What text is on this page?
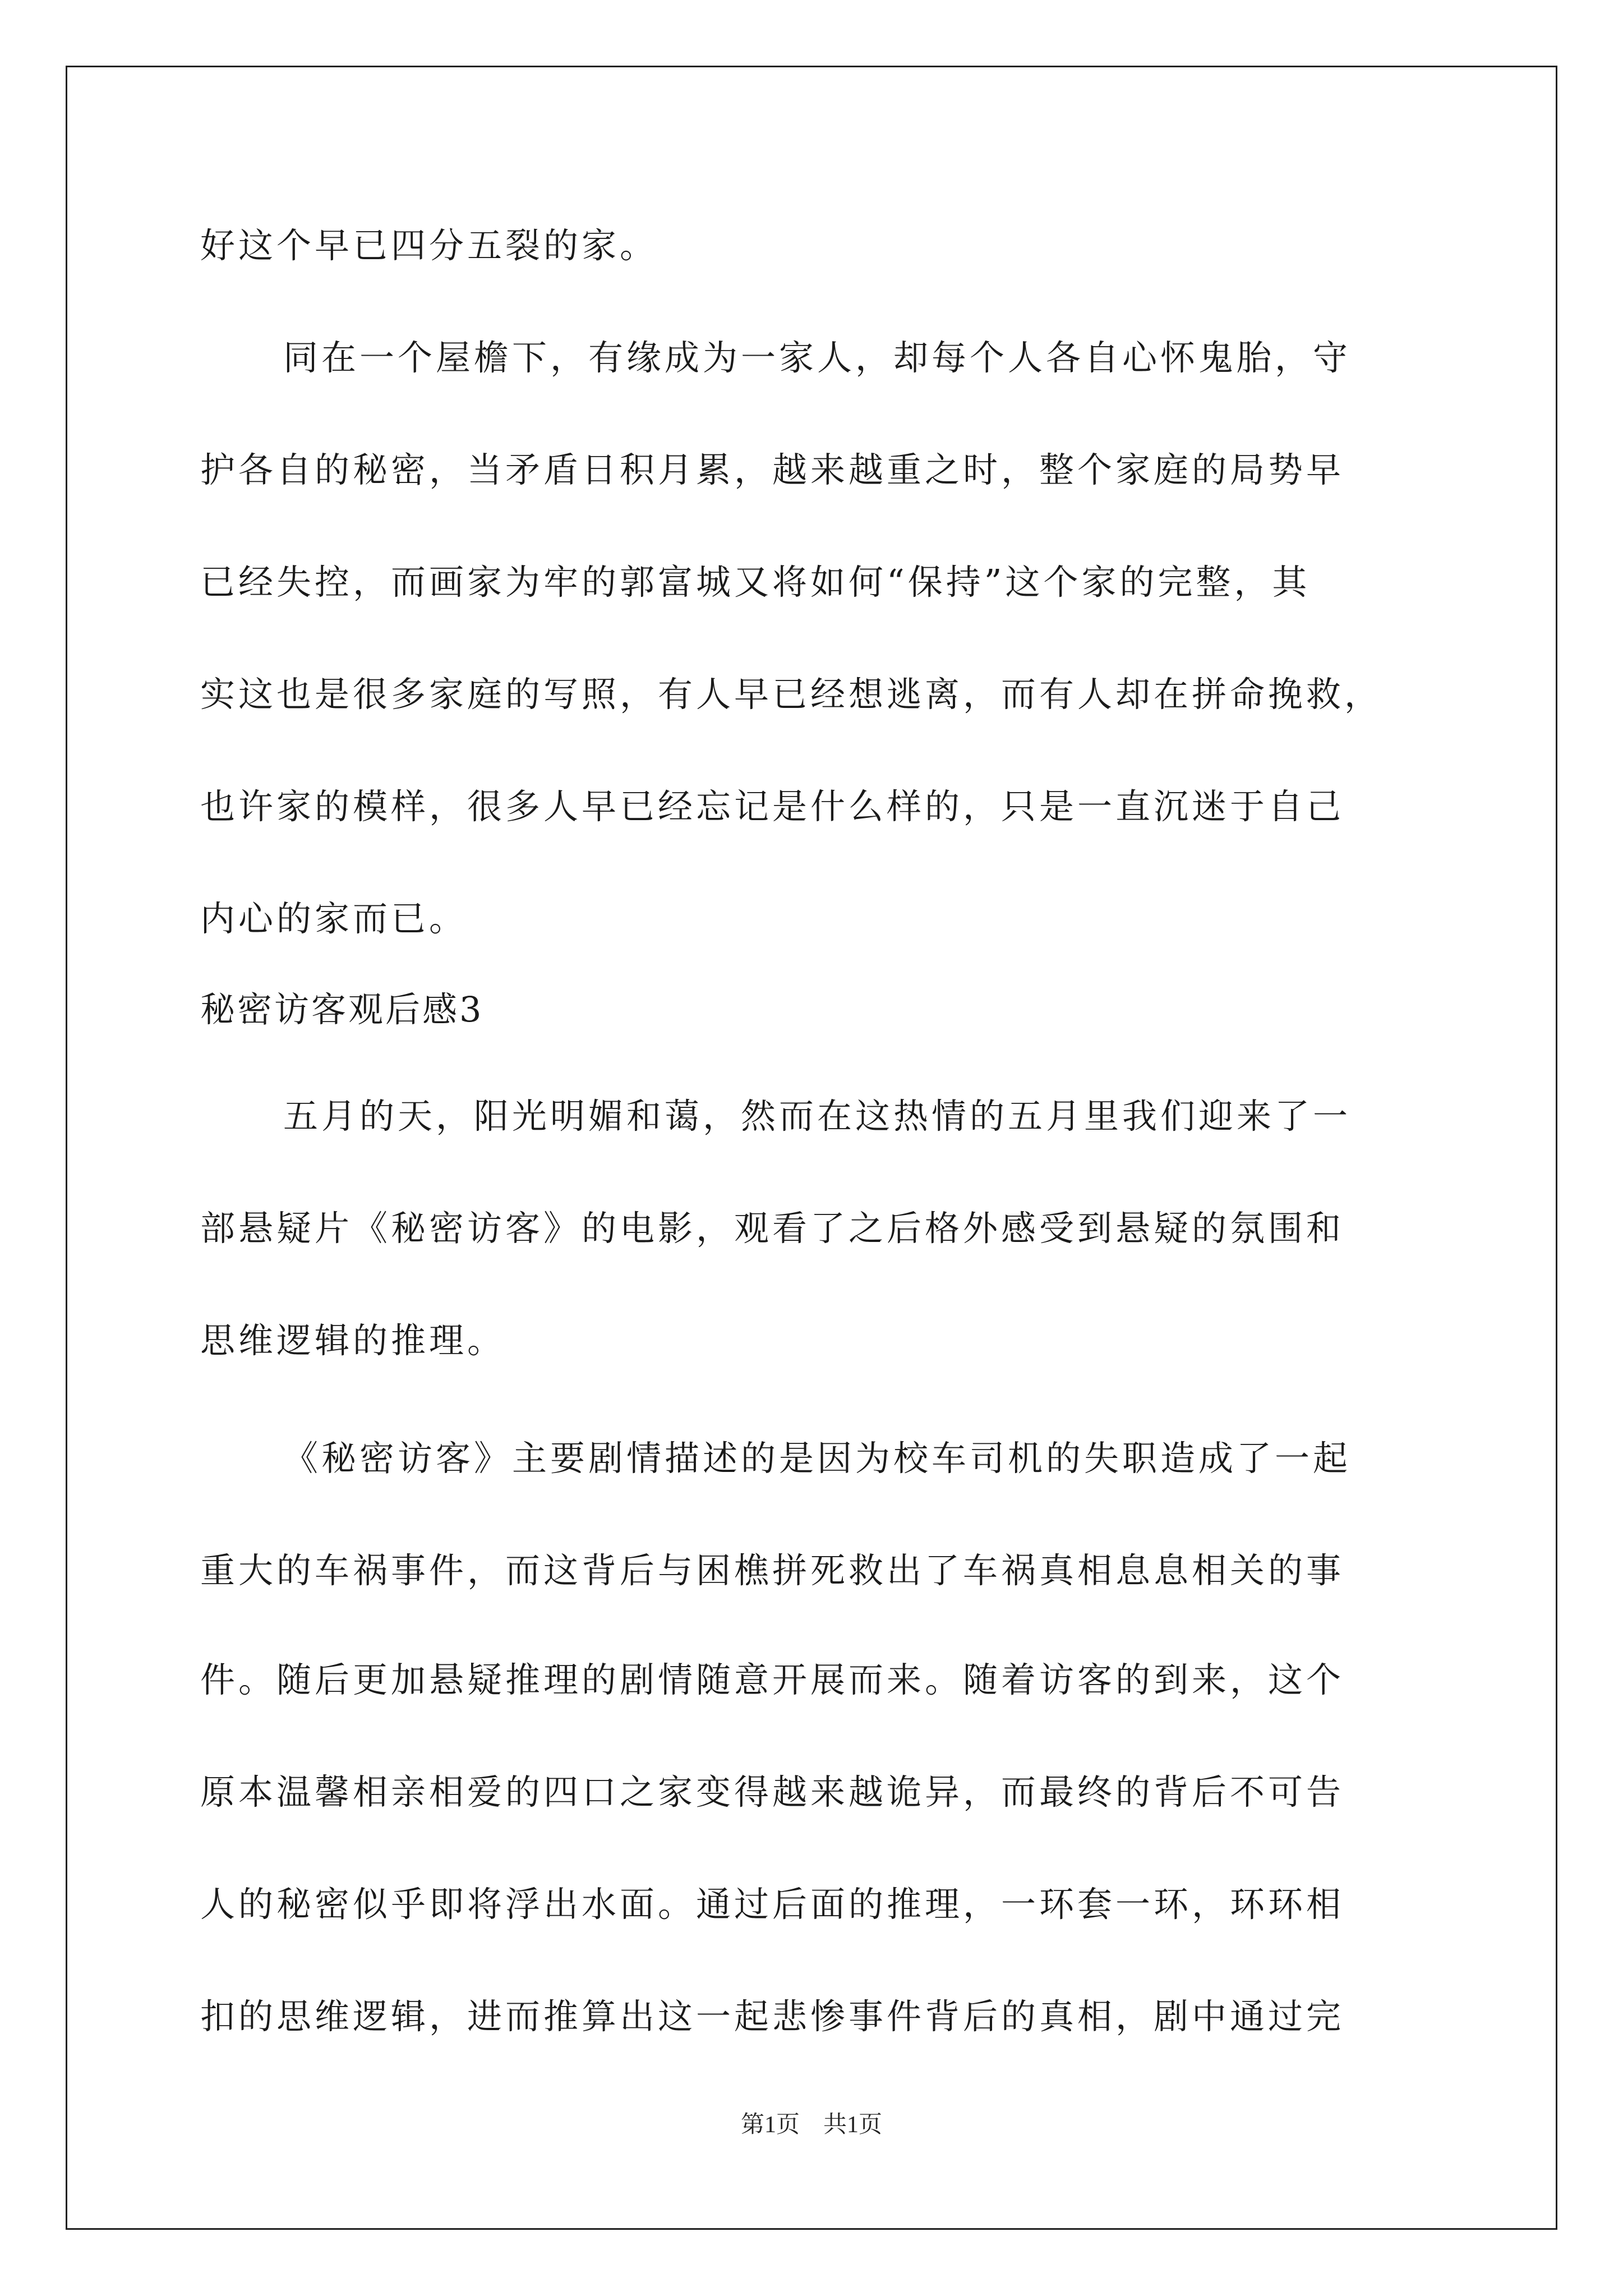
好这个早已四分五裂的家。
同在一个屋檐下，有缘成为一家人，却每个人各自心怀鬼胎，守
护各自的秘密，当矛盾日积月累，越来越重之时，整个家庭的局势早
已经失控，而画家为牢的郭富城又将如何“保持”这个家的完整，其
实这也是很多家庭的写照，有人早已经想逃离，而有人却在拼命挽救，
也许家的模样，很多人早已经忘记是什么样的，只是一直沉迷于自己
内心的家而已。
秘密访客观后感3
五月的天，阳光明媚和蔼，然而在这热情的五月里我们迎来了一
部悬疑片《秘密访客》的电影，观看了之后格外感受到悬疑的氛围和
思维逻辑的推理。
《秘密访客》主要剧情描述的是因为校车司机的失职造成了一起
重大的车祸事件，而这背后与困樵拼死救出了车祸真相息息相关的事
件。随后更加悬疑推理的剧情随意开展而来。随着访客的到来，这个
原本温馨相亲相爱的四口之家变得越来越诡异，而最终的背后不可告
人的秘密似乎即将浮出水面。通过后面的推理，一环套一环，环环相
扣的思维逻辑，进而推算出这一起悲惨事件背后的真相，剧中通过完
第1页　共1页
